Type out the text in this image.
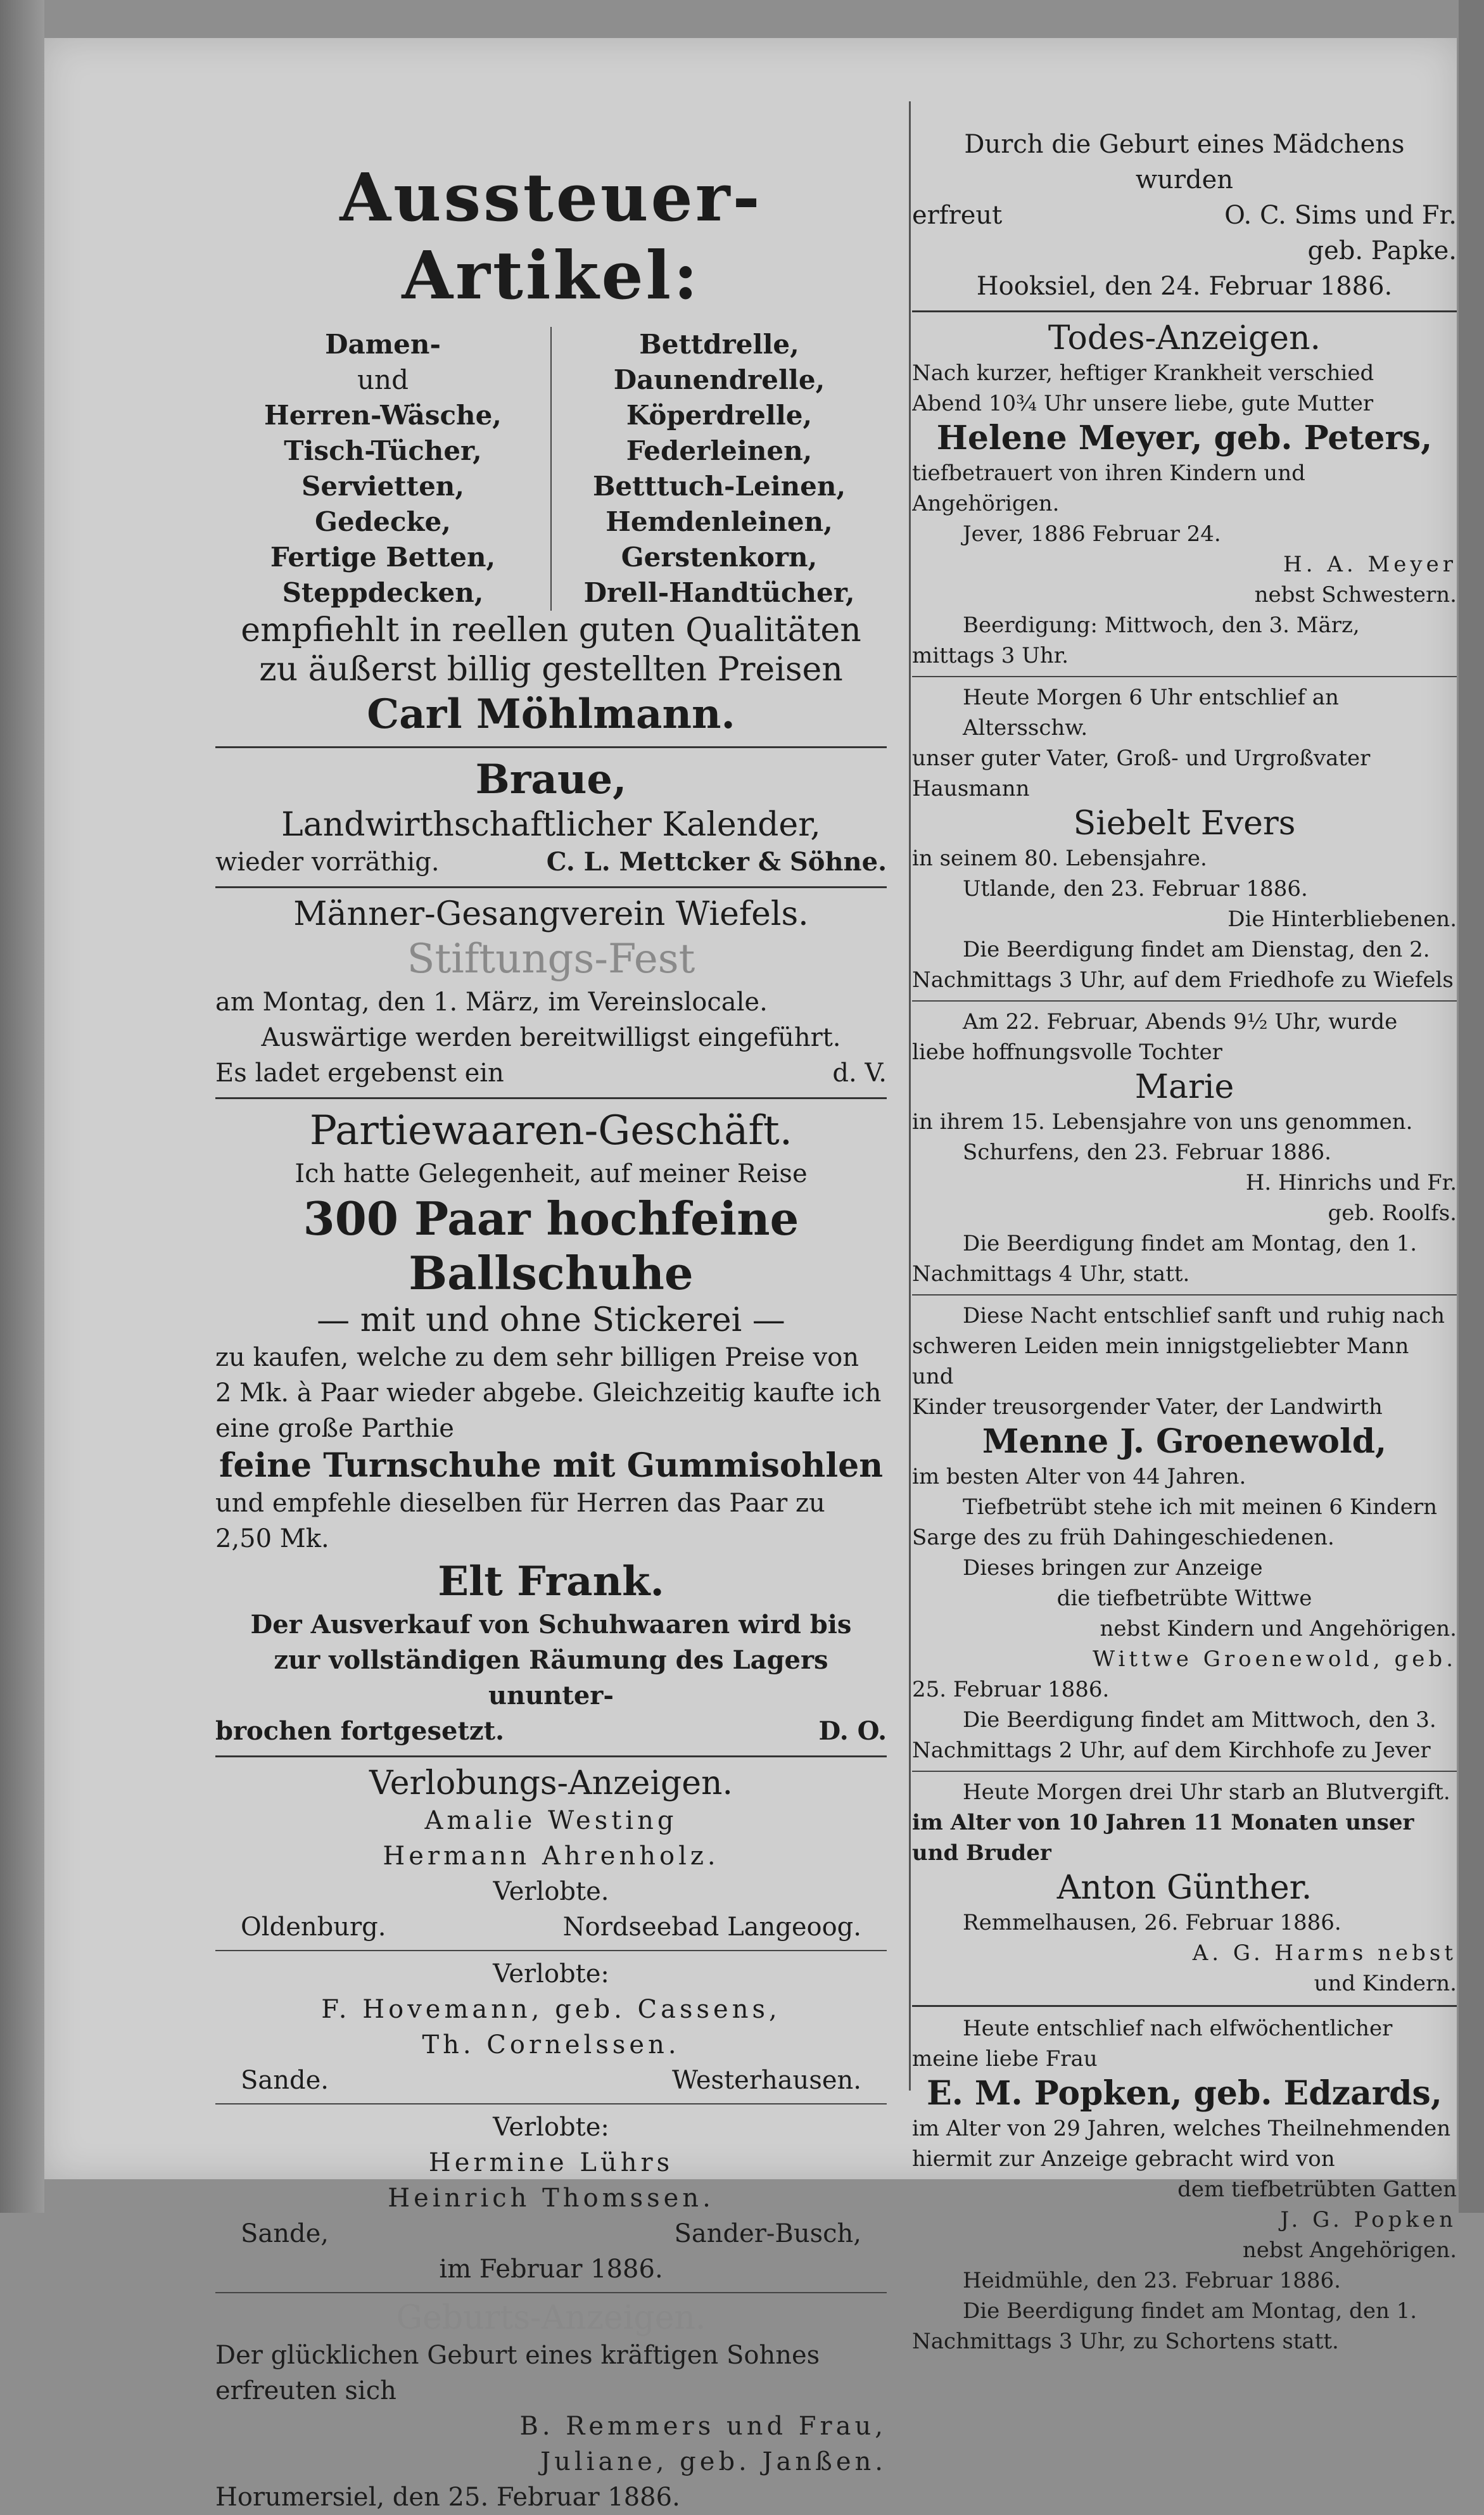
Aussteuer-Artikel:
Damen-
und
Herren-Wäsche,
Tisch-Tücher,
Servietten,
Gedecke,
Fertige Betten,
Steppdecken,
Bettdrelle,
Daunendrelle,
Köperdrelle,
Federleinen,
Betttuch-Leinen,
Hemdenleinen,
Gerstenkorn,
Drell-Handtücher,
empfiehlt in reellen guten Qualitäten
zu äußerst billig gestellten Preisen
Carl Möhlmann.
Braue,
Landwirthschaftlicher Kalender,
wieder vorräthig.	C. L. Mettcker & Söhne.
Männer-Gesangverein Wiefels.
Stiftungs-Fest
am Montag, den 1. März, im Vereinslocale.
Auswärtige werden bereitwilligst eingeführt.
Es ladet ergebenst ein	d. V.
Partiewaaren-Geschäft.
Ich hatte Gelegenheit, auf meiner Reise
300 Paar hochfeine Ballschuhe
— mit und ohne Stickerei —
zu kaufen, welche zu dem sehr billigen Preise von
2 Mk. à Paar wieder abgebe. Gleichzeitig kaufte ich
eine große Parthie
feine Turnschuhe mit Gummisohlen
und empfehle dieselben für Herren das Paar zu 2,50 Mk.
Elt Frank.
Der Ausverkauf von Schuhwaaren wird bis
zur vollständigen Räumung des Lagers ununter-
brochen fortgesetzt.	D. O.
Verlobungs-Anzeigen.
Amalie Westing
Hermann Ahrenholz.
Verlobte.
Oldenburg.	Nordseebad Langeoog.
Verlobte:
F. Hovemann, geb. Cassens,
Th. Cornelssen.
Sande.	Westerhausen.
Verlobte:
Hermine Lührs
Heinrich Thomssen.
Sande,	Sander-Busch,
im Februar 1886.
Geburts-Anzeigen.
Der glücklichen Geburt eines kräftigen Sohnes
erfreuten sich
B. Remmers und Frau,
Juliane, geb. Janßen.
Horumersiel, den 25. Februar 1886.
Durch die Geburt eines Mädchens wurden
erfreut	O. C. Sims und Fr.
geb. Papke.
Hooksiel, den 24. Februar 1886.
Todes-Anzeigen.
Nach kurzer, heftiger Krankheit verschied
Abend 10¾ Uhr unsere liebe, gute Mutter
Helene Meyer, geb. Peters,
tiefbetrauert von ihren Kindern und Angehörigen.
Jever, 1886 Februar 24.
H. A. Meyer
nebst Schwestern.
Beerdigung: Mittwoch, den 3. März,
mittags 3 Uhr.
Heute Morgen 6 Uhr entschlief an Altersschw.
unser guter Vater, Groß- und Urgroßvater
Hausmann
Siebelt Evers
in seinem 80. Lebensjahre.
Utlande, den 23. Februar 1886.
Die Hinterbliebenen.
Die Beerdigung findet am Dienstag, den 2.
Nachmittags 3 Uhr, auf dem Friedhofe zu Wiefels
Am 22. Februar, Abends 9½ Uhr, wurde
liebe hoffnungsvolle Tochter
Marie
in ihrem 15. Lebensjahre von uns genommen.
Schurfens, den 23. Februar 1886.
H. Hinrichs und Fr.
geb. Roolfs.
Die Beerdigung findet am Montag, den 1.
Nachmittags 4 Uhr, statt.
Diese Nacht entschlief sanft und ruhig nach
schweren Leiden mein innigstgeliebter Mann und
Kinder treusorgender Vater, der Landwirth
Menne J. Groenewold,
im besten Alter von 44 Jahren.
Tiefbetrübt stehe ich mit meinen 6 Kindern
Sarge des zu früh Dahingeschiedenen.
Dieses bringen zur Anzeige
die tiefbetrübte Wittwe
nebst Kindern und Angehörigen.
Wittwe Groenewold, geb.
25. Februar 1886.
Die Beerdigung findet am Mittwoch, den 3.
Nachmittags 2 Uhr, auf dem Kirchhofe zu Jever
Heute Morgen drei Uhr starb an Blutvergift.
im Alter von 10 Jahren 11 Monaten unser
und Bruder
Anton Günther.
Remmelhausen, 26. Februar 1886.
A. G. Harms nebst
und Kindern.
Heute entschlief nach elfwöchentlicher
meine liebe Frau
E. M. Popken, geb. Edzards,
im Alter von 29 Jahren, welches Theilnehmenden
hiermit zur Anzeige gebracht wird von
dem tiefbetrübten Gatten
J. G. Popken
nebst Angehörigen.
Heidmühle, den 23. Februar 1886.
Die Beerdigung findet am Montag, den 1.
Nachmittags 3 Uhr, zu Schortens statt.
